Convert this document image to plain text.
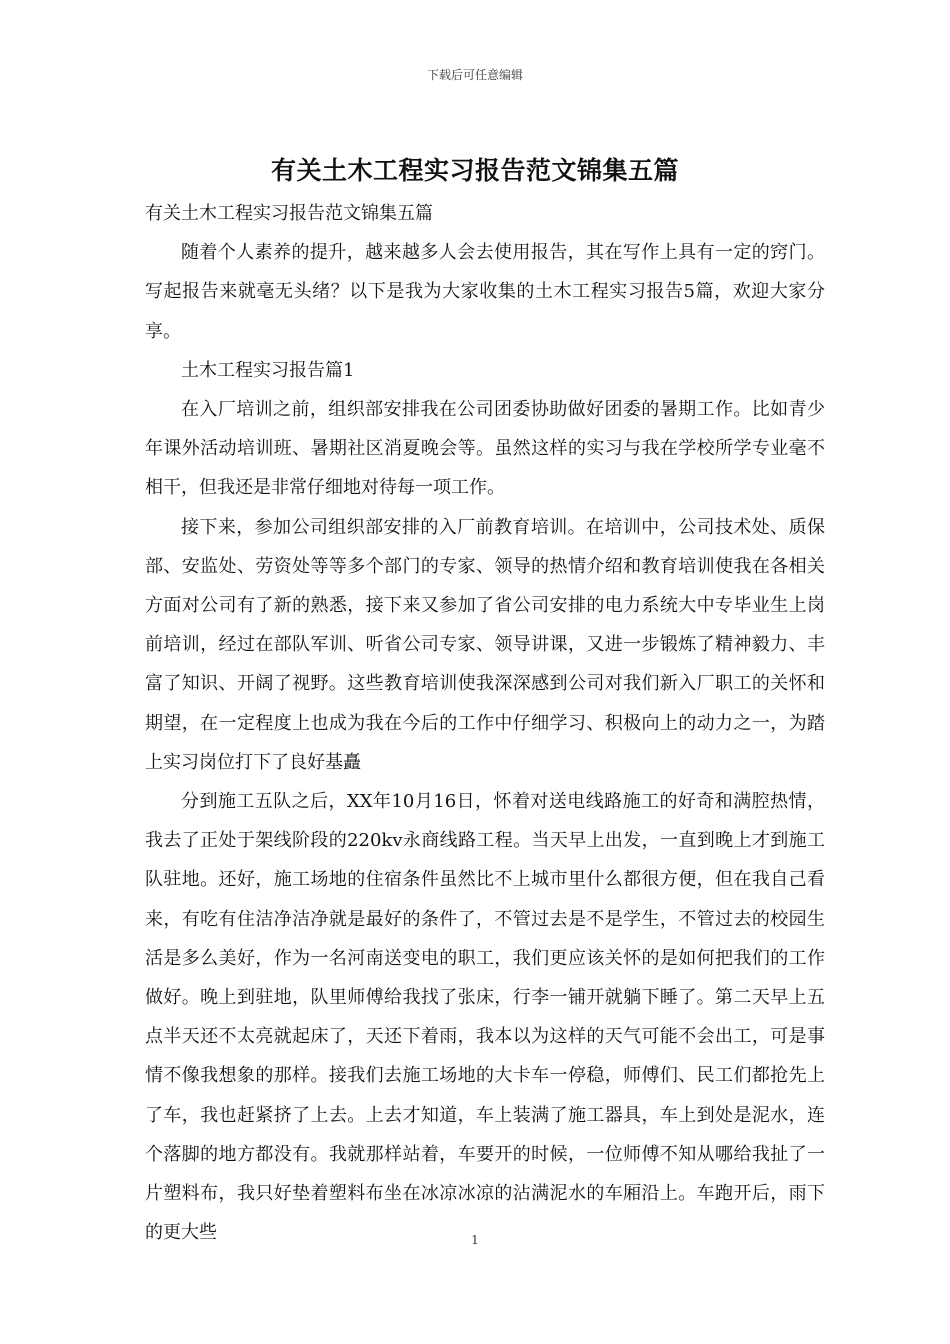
下载后可任意编辑
有关土木工程实习报告范文锦集五篇

有关土木工程实习报告范文锦集五篇

随着个人素养的提升，越来越多人会去使用报告，其在写作上具有一定的窍门。写起报告来就毫无头绪？以下是我为大家收集的土木工程实习报告5篇，欢迎大家分享。

土木工程实习报告篇1

在入厂培训之前，组织部安排我在公司团委协助做好团委的暑期工作。比如青少年课外活动培训班、暑期社区消夏晚会等。虽然这样的实习与我在学校所学专业毫不相干，但我还是非常仔细地对待每一项工作。

接下来，参加公司组织部安排的入厂前教育培训。在培训中，公司技术处、质保部、安监处、劳资处等等多个部门的专家、领导的热情介绍和教育培训使我在各相关方面对公司有了新的熟悉，接下来又参加了省公司安排的电力系统大中专毕业生上岗前培训，经过在部队军训、听省公司专家、领导讲课，又进一步锻炼了精神毅力、丰富了知识、开阔了视野。这些教育培训使我深深感到公司对我们新入厂职工的关怀和期望，在一定程度上也成为我在今后的工作中仔细学习、积极向上的动力之一，为踏上实习岗位打下了良好基矗

分到施工五队之后，XX年10月16日，怀着对送电线路施工的好奇和满腔热情，我去了正处于架线阶段的220kv永商线路工程。当天早上出发，一直到晚上才到施工队驻地。还好，施工场地的住宿条件虽然比不上城市里什么都很方便，但在我自己看来，有吃有住洁净洁净就是最好的条件了，不管过去是不是学生，不管过去的校园生活是多么美好，作为一名河南送变电的职工，我们更应该关怀的是如何把我们的工作做好。晚上到驻地，队里师傅给我找了张床，行李一铺开就躺下睡了。第二天早上五点半天还不太亮就起床了，天还下着雨，我本以为这样的天气可能不会出工，可是事情不像我想象的那样。接我们去施工场地的大卡车一停稳，师傅们、民工们都抢先上了车，我也赶紧挤了上去。上去才知道，车上装满了施工器具，车上到处是泥水，连个落脚的地方都没有。我就那样站着，车要开的时候，一位师傅不知从哪给我扯了一片塑料布，我只好垫着塑料布坐在冰凉冰凉的沾满泥水的车厢沿上。车跑开后，雨下的更大些	1
